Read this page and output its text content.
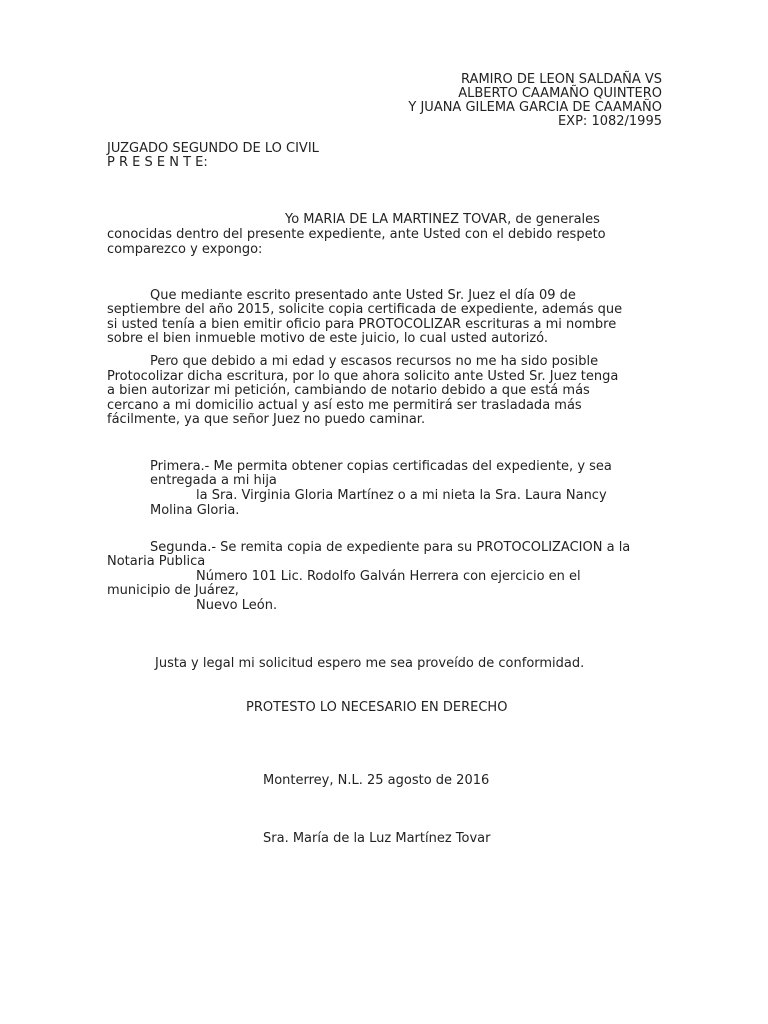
RAMIRO DE LEON SALDAÑA VS

ALBERTO CAAMAÑO QUINTERO

Y JUANA GILEMA GARCIA DE CAAMAÑO

EXP: 1082/1995

JUZGADO SEGUNDO DE LO CIVIL

P R E S E N T E:

Yo MARIA DE LA MARTINEZ TOVAR, de generales

conocidas dentro del presente expediente, ante Usted con el debido respeto

comparezco y expongo:

Que mediante escrito presentado ante Usted Sr. Juez el día 09 de

septiembre del año 2015, solicite copia certificada de expediente, además que

si usted tenía a bien emitir oficio para PROTOCOLIZAR escrituras a mi nombre

sobre el bien inmueble motivo de este juicio, lo cual usted autorizó.

Pero que debido a mi edad y escasos recursos no me ha sido posible

Protocolizar dicha escritura, por lo que ahora solicito ante Usted Sr. Juez tenga

a bien autorizar mi petición, cambiando de notario debido a que está más

cercano a mi domicilio actual y así esto me permitirá ser trasladada más

fácilmente, ya que señor Juez no puedo caminar.

Primera.- Me permita obtener copias certificadas del expediente, y sea

entregada a mi hija

la Sra. Virginia Gloria Martínez o a mi nieta la Sra. Laura Nancy

Molina Gloria.

Segunda.- Se remita copia de expediente para su PROTOCOLIZACION a la

Notaria Publica

Número 101 Lic. Rodolfo Galván Herrera con ejercicio en el

municipio de Juárez,

Nuevo León.

Justa y legal mi solicitud espero me sea proveído de conformidad.

PROTESTO LO NECESARIO EN DERECHO

Monterrey, N.L. 25 agosto de 2016

Sra. María de la Luz Martínez Tovar
